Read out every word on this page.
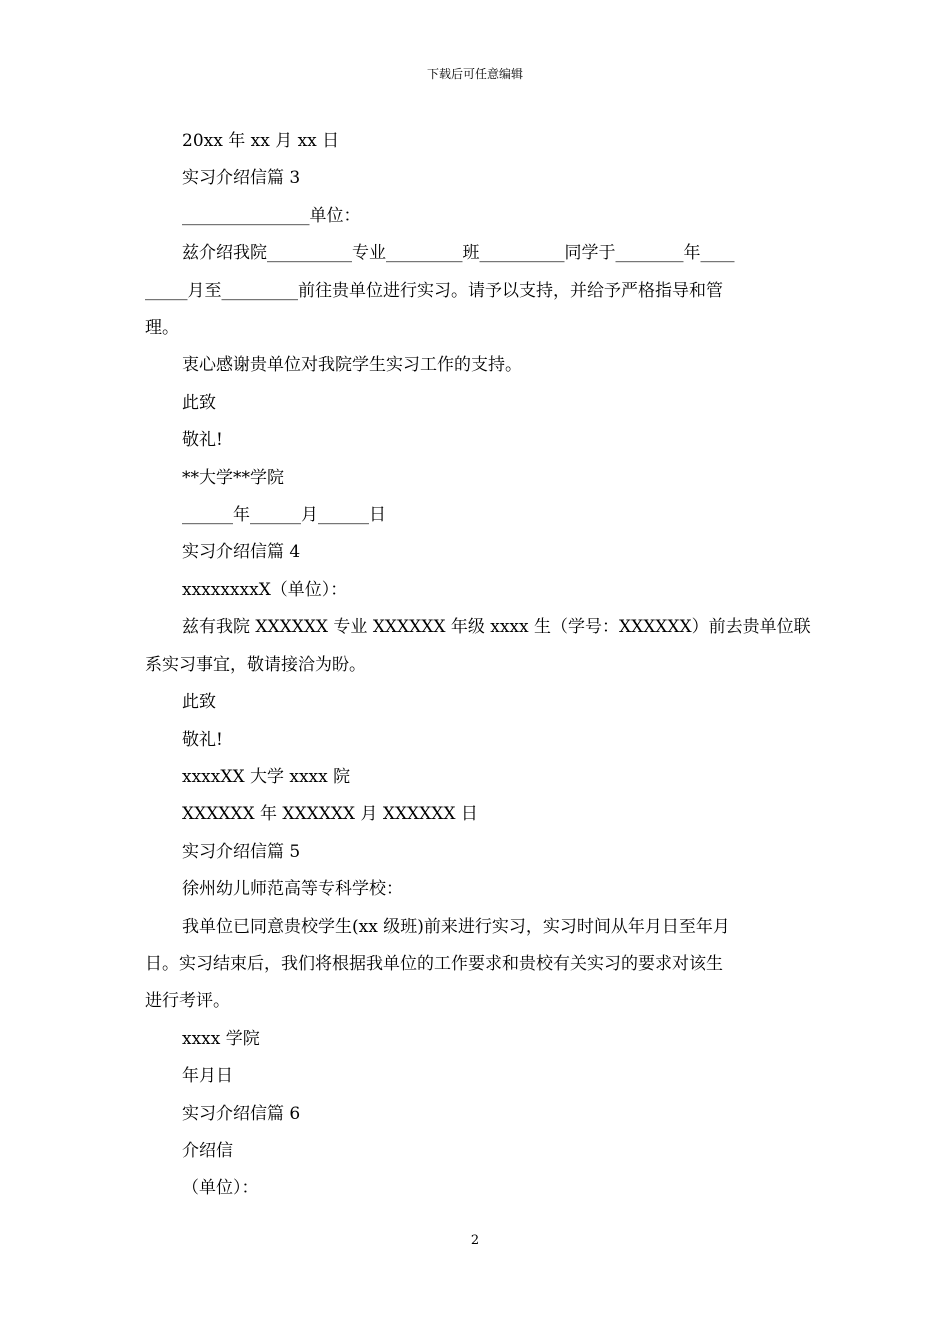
下载后可任意编辑

20xx 年 xx 月 xx 日

实习介绍信篇 3

_______________单位：

兹介绍我院__________专业_________班__________同学于________年____

_____月至_________前往贵单位进行实习。请予以支持，并给予严格指导和管

理。

衷心感谢贵单位对我院学生实习工作的支持。

此致

敬礼!

**大学**学院

______年______月______日

实习介绍信篇 4

xxxxxxxxX（单位）：

兹有我院 XXXXXX 专业 XXXXXX 年级 xxxx 生（学号：XXXXXX）前去贵单位联

系实习事宜，敬请接洽为盼。

此致

敬礼!

xxxxXX 大学 xxxx 院

XXXXXX 年 XXXXXX 月 XXXXXX 日

实习介绍信篇 5

徐州幼儿师范高等专科学校：

我单位已同意贵校学生(xx 级班)前来进行实习，实习时间从年月日至年月

日。实习结束后，我们将根据我单位的工作要求和贵校有关实习的要求对该生

进行考评。

xxxx 学院

年月日

实习介绍信篇 6

介绍信

（单位）：

2
